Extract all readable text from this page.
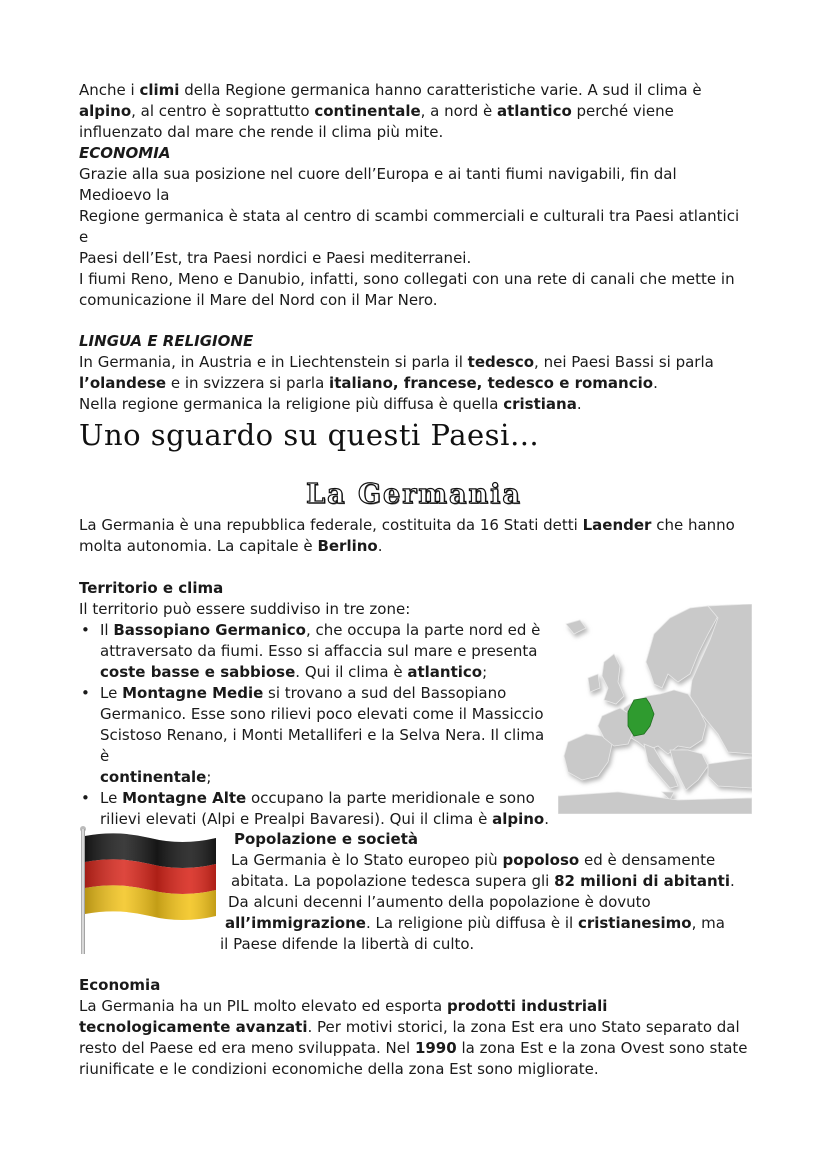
Anche i climi della Regione germanica hanno caratteristiche varie. A sud il clima è
alpino, al centro è soprattutto continentale, a nord è atlantico perché viene
influenzato dal mare che rende il clima più mite.

ECONOMIA

Grazie alla sua posizione nel cuore dell’Europa e ai tanti fiumi navigabili, fin dal Medioevo la
Regione germanica è stata al centro di scambi commerciali e culturali tra Paesi atlantici e
Paesi dell’Est, tra Paesi nordici e Paesi mediterranei.
I fiumi Reno, Meno e Danubio, infatti, sono collegati con una rete di canali che mette in
comunicazione il Mare del Nord con il Mar Nero.

LINGUA E RELIGIONE

In Germania, in Austria e in Liechtenstein si parla il tedesco, nei Paesi Bassi si parla
l’olandese e in svizzera si parla italiano, francese, tedesco e romancio.
Nella regione germanica la religione più diffusa è quella cristiana.

Uno sguardo su questi Paesi…
La Germania
La Germania è una repubblica federale, costituita da 16 Stati detti Laender che hanno
molta autonomia. La capitale è Berlino.

Territorio e clima

Il territorio può essere suddiviso in tre zone:

• Il Bassopiano Germanico, che occupa la parte nord ed è
attraversato da fiumi. Esso si affaccia sul mare e presenta
coste basse e sabbiose. Qui il clima è atlantico;
• Le Montagne Medie si trovano a sud del Bassopiano
Germanico. Esse sono rilievi poco elevati come il Massiccio
Scistoso Renano, i Monti Metalliferi e la Selva Nera. Il clima è
continentale;
• Le Montagne Alte occupano la parte meridionale e sono
rilievi elevati (Alpi e Prealpi Bavaresi). Qui il clima è alpino.

Popolazione e società

La Germania è lo Stato europeo più popoloso ed è densamente

abitata. La popolazione tedesca supera gli 82 milioni di abitanti.

Da alcuni decenni l’aumento della popolazione è dovuto

all’immigrazione. La religione più diffusa è il cristianesimo, ma

il Paese difende la libertà di culto.

Economia

La Germania ha un PIL molto elevato ed esporta prodotti industriali

tecnologicamente avanzati. Per motivi storici, la zona Est era uno Stato separato dal

resto del Paese ed era meno sviluppata. Nel 1990 la zona Est e la zona Ovest sono state

riunificate e le condizioni economiche della zona Est sono migliorate.
